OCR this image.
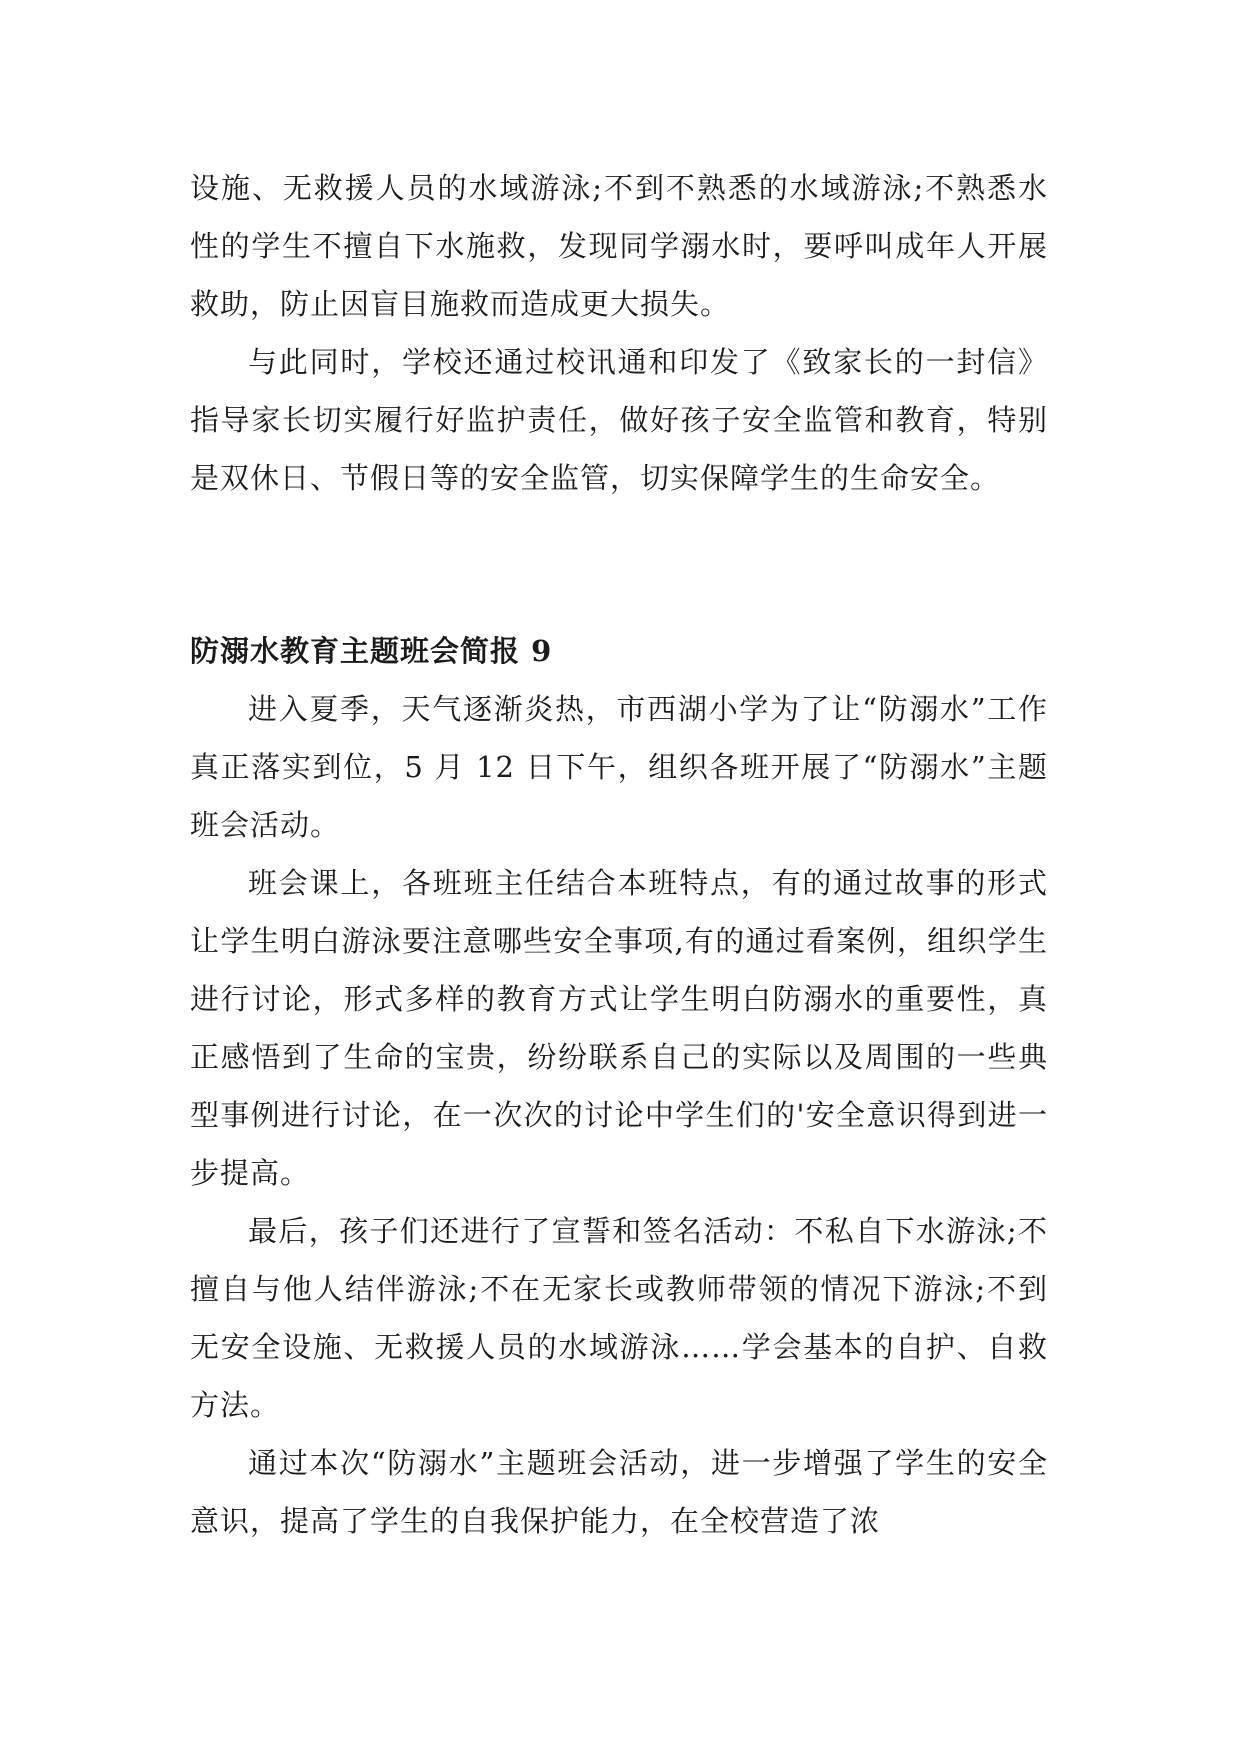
设施、无救援人员的水域游泳;不到不熟悉的水域游泳;不熟悉水性的学生不擅自下水施救，发现同学溺水时，要呼叫成年人开展救助，防止因盲目施救而造成更大损失。

与此同时，学校还通过校讯通和印发了《致家长的一封信》指导家长切实履行好监护责任，做好孩子安全监管和教育，特别是双休日、节假日等的安全监管，切实保障学生的生命安全。

防溺水教育主题班会简报 9

进入夏季，天气逐渐炎热，市西湖小学为了让“防溺水”工作真正落实到位，5 月 12 日下午，组织各班开展了“防溺水”主题班会活动。

班会课上，各班班主任结合本班特点，有的通过故事的形式让学生明白游泳要注意哪些安全事项,有的通过看案例，组织学生进行讨论，形式多样的教育方式让学生明白防溺水的重要性，真正感悟到了生命的宝贵，纷纷联系自己的实际以及周围的一些典型事例进行讨论，在一次次的讨论中学生们的'安全意识得到进一步提高。

最后，孩子们还进行了宣誓和签名活动：不私自下水游泳;不擅自与他人结伴游泳;不在无家长或教师带领的情况下游泳;不到无安全设施、无救援人员的水域游泳……学会基本的自护、自救方法。

通过本次“防溺水”主题班会活动，进一步增强了学生的安全意识，提高了学生的自我保护能力，在全校营造了浓
